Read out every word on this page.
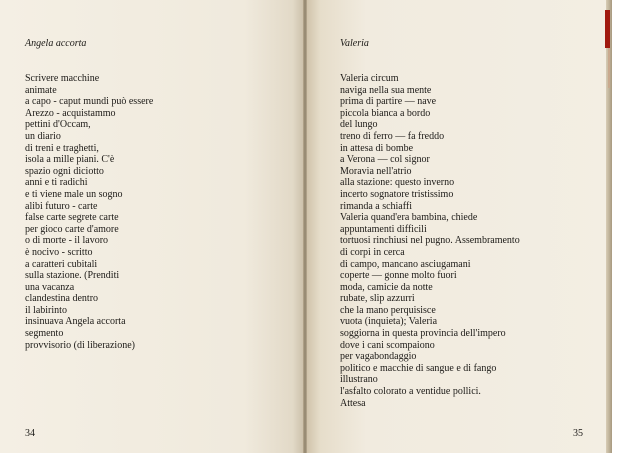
Angela accorta
Scrivere macchine
animate
a capo - caput mundi può essere
Arezzo - acquistammo
pettini d'Occam,
un diario
di treni e traghetti,
isola a mille piani. C'è
spazio ogni diciotto
anni e ti radichi
e ti viene male un sogno
alibi futuro - carte
false carte segrete carte
per gioco carte d'amore
o di morte - il lavoro
è nocivo - scritto
a caratteri cubitali
sulla stazione. (Prenditi
una vacanza
clandestina dentro
il labirinto
insinuava Angela accorta
segmento
provvisorio (di liberazione)
34
Valeria
Valeria circum
naviga nella sua mente
prima di partire — nave
piccola bianca a bordo
del lungo
treno di ferro — fa freddo
in attesa di bombe
a Verona — col signor
Moravia nell'atrio
alla stazione: questo inverno
incerto sognatore tristissimo
rimanda a schiaffi
Valeria quand'era bambina, chiede
appuntamenti difficili
tortuosi rinchiusi nel pugno. Assembramento
di corpi in cerca
di campo, mancano asciugamani
coperte — gonne molto fuori
moda, camicie da notte
rubate, slip azzurri
che la mano perquisisce
vuota (inquieta); Valeria
soggiorna in questa provincia dell'impero
dove i cani scompaiono
per vagabondaggio
politico e macchie di sangue e di fango
illustrano
l'asfalto colorato a ventidue pollici.
Attesa
35
